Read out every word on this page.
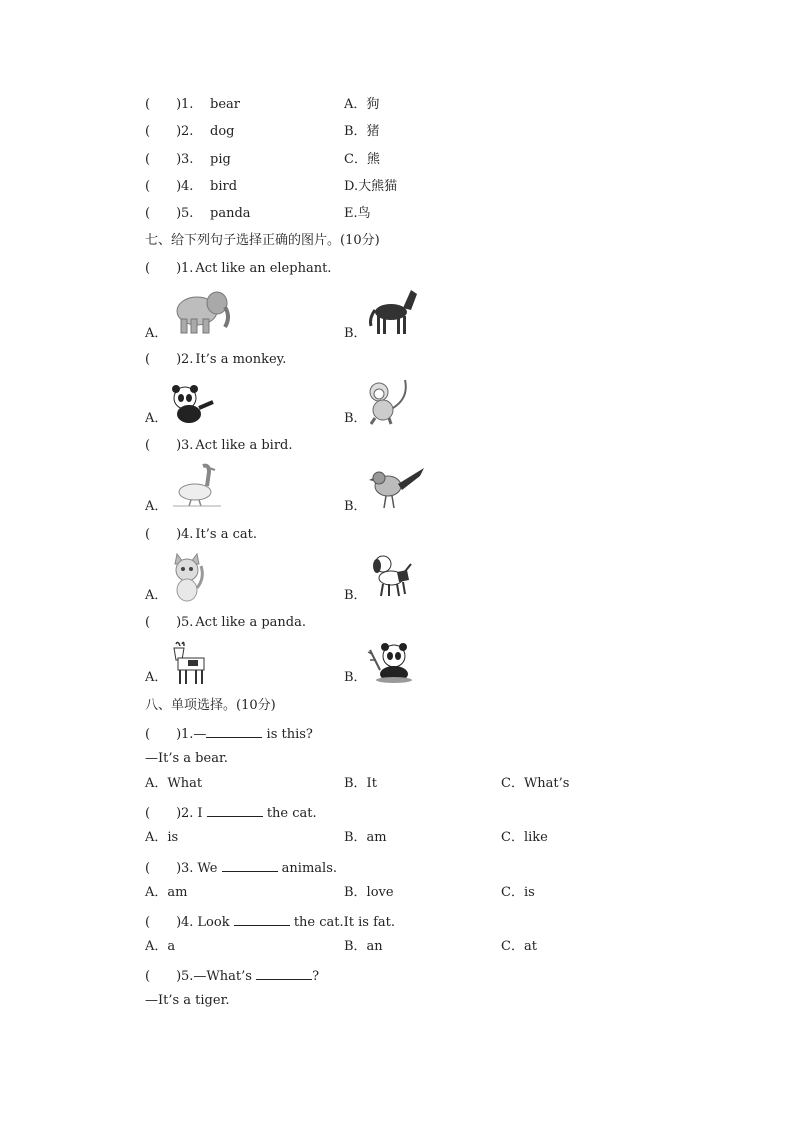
( )1. bear	A．狗
( )2. dog	B．猪
( )3. pig	C．熊
( )4. bird	D.大熊猫
( )5. panda	E.鸟
七、给下列句子选择正确的图片。(10分)
( )1. Act like an elephant.
A．	B．
( )2. It’s a monkey.
A．	B．
( )3. Act like a bird.
A．	B．
( )4. It’s a cat.
A．	B．
( )5. Act like a panda.
A．	B．
八、单项选择。(10分)
( )1.—	is this?
—It’s a bear.
A．What	B．It	C．What’s
( )2. I	the cat.
A．is	B．am	C．like
( )3. We	animals.
A．am	B．love	C．is
( )4. Look	the cat.It is fat.
A．a	B．an	C．at
( )5.—What’s	?
—It’s a tiger.
